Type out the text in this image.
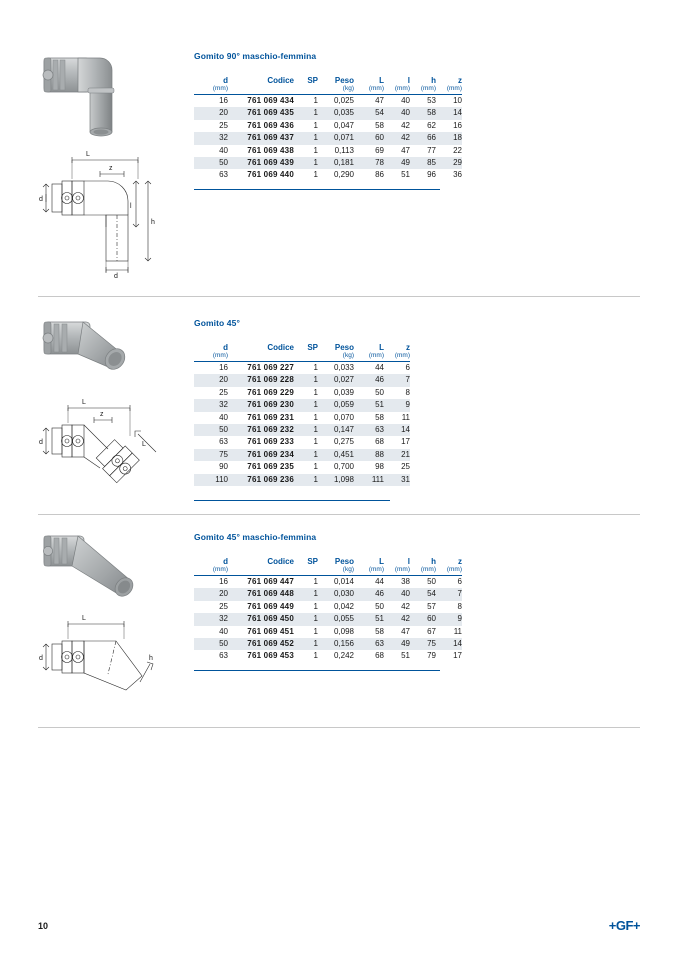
Gomito 90° maschio-femmina
L
z
h
l
d
d
d	Codice	SP	Peso	L	l	h	z
(mm)			(kg)	(mm)	(mm)	(mm)	(mm)
16	761 069 434	1	0,025	47	40	53	10
20	761 069 435	1	0,035	54	40	58	14
25	761 069 436	1	0,047	58	42	62	16
32	761 069 437	1	0,071	60	42	66	18
40	761 069 438	1	0,113	69	47	77	22
50	761 069 439	1	0,181	78	49	85	29
63	761 069 440	1	0,290	86	51	96	36
Gomito 45°
L
z
L
d
d	Codice	SP	Peso	L	z
(mm)			(kg)	(mm)	(mm)
16	761 069 227	1	0,033	44	6
20	761 069 228	1	0,027	46	7
25	761 069 229	1	0,039	50	8
32	761 069 230	1	0,059	51	9
40	761 069 231	1	0,070	58	11
50	761 069 232	1	0,147	63	14
63	761 069 233	1	0,275	68	17
75	761 069 234	1	0,451	88	21
90	761 069 235	1	0,700	98	25
110	761 069 236	1	1,098	111	31
Gomito 45° maschio-femmina
L
h
d
d	Codice	SP	Peso	L	l	h	z
(mm)			(kg)	(mm)	(mm)	(mm)	(mm)
16	761 069 447	1	0,014	44	38	50	6
20	761 069 448	1	0,030	46	40	54	7
25	761 069 449	1	0,042	50	42	57	8
32	761 069 450	1	0,055	51	42	60	9
40	761 069 451	1	0,098	58	47	67	11
50	761 069 452	1	0,156	63	49	75	14
63	761 069 453	1	0,242	68	51	79	17
10	+GF+
